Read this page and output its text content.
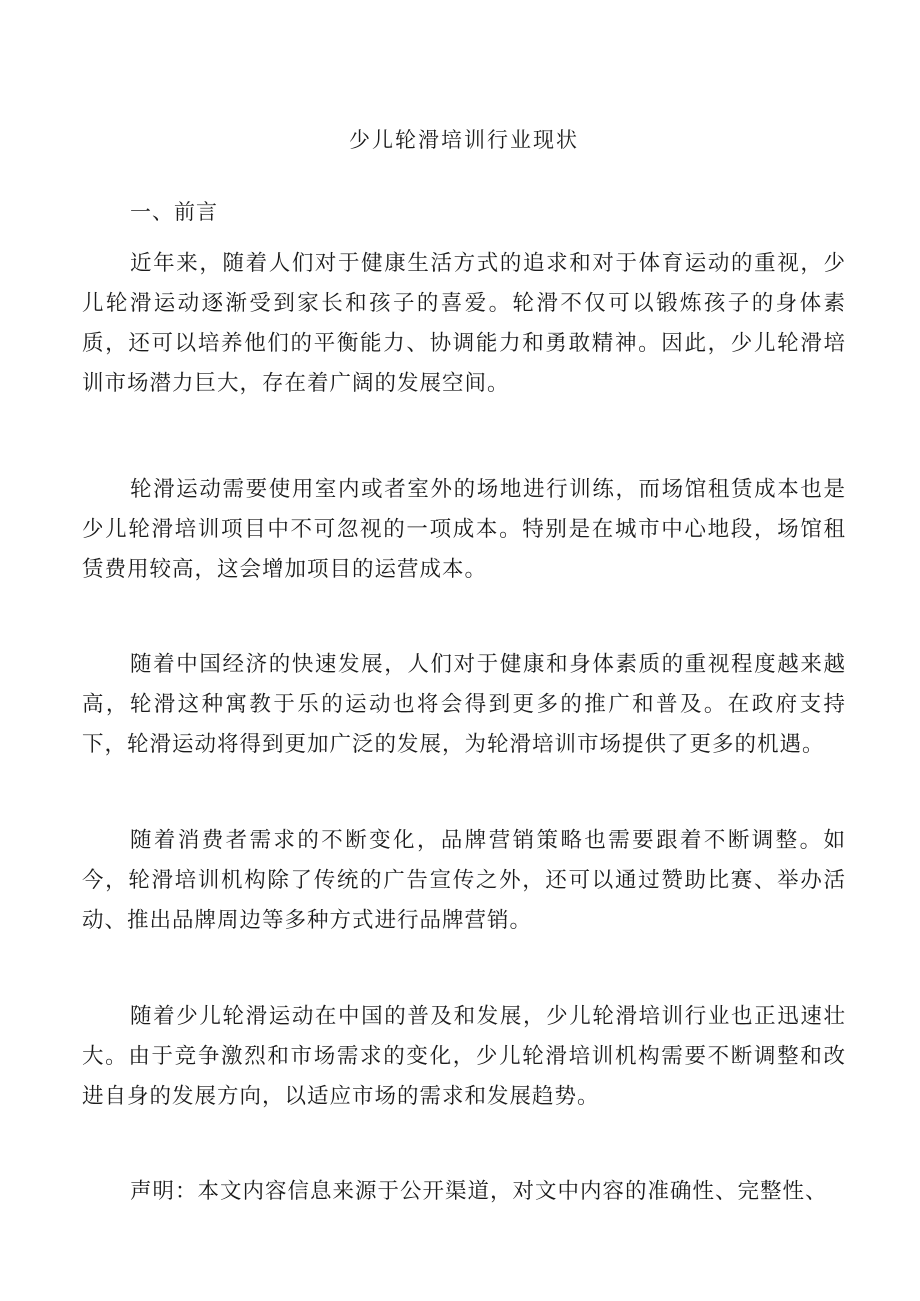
少儿轮滑培训行业现状
一、前言

近年来，随着人们对于健康生活方式的追求和对于体育运动的重视，少儿轮滑运动逐渐受到家长和孩子的喜爱。轮滑不仅可以锻炼孩子的身体素质，还可以培养他们的平衡能力、协调能力和勇敢精神。因此，少儿轮滑培训市场潜力巨大，存在着广阔的发展空间。

轮滑运动需要使用室内或者室外的场地进行训练，而场馆租赁成本也是少儿轮滑培训项目中不可忽视的一项成本。特别是在城市中心地段，场馆租赁费用较高，这会增加项目的运营成本。

随着中国经济的快速发展，人们对于健康和身体素质的重视程度越来越高，轮滑这种寓教于乐的运动也将会得到更多的推广和普及。在政府支持下，轮滑运动将得到更加广泛的发展，为轮滑培训市场提供了更多的机遇。

随着消费者需求的不断变化，品牌营销策略也需要跟着不断调整。如今，轮滑培训机构除了传统的广告宣传之外，还可以通过赞助比赛、举办活动、推出品牌周边等多种方式进行品牌营销。

随着少儿轮滑运动在中国的普及和发展，少儿轮滑培训行业也正迅速壮大。由于竞争激烈和市场需求的变化，少儿轮滑培训机构需要不断调整和改进自身的发展方向，以适应市场的需求和发展趋势。

声明：本文内容信息来源于公开渠道，对文中内容的准确性、完整性、
